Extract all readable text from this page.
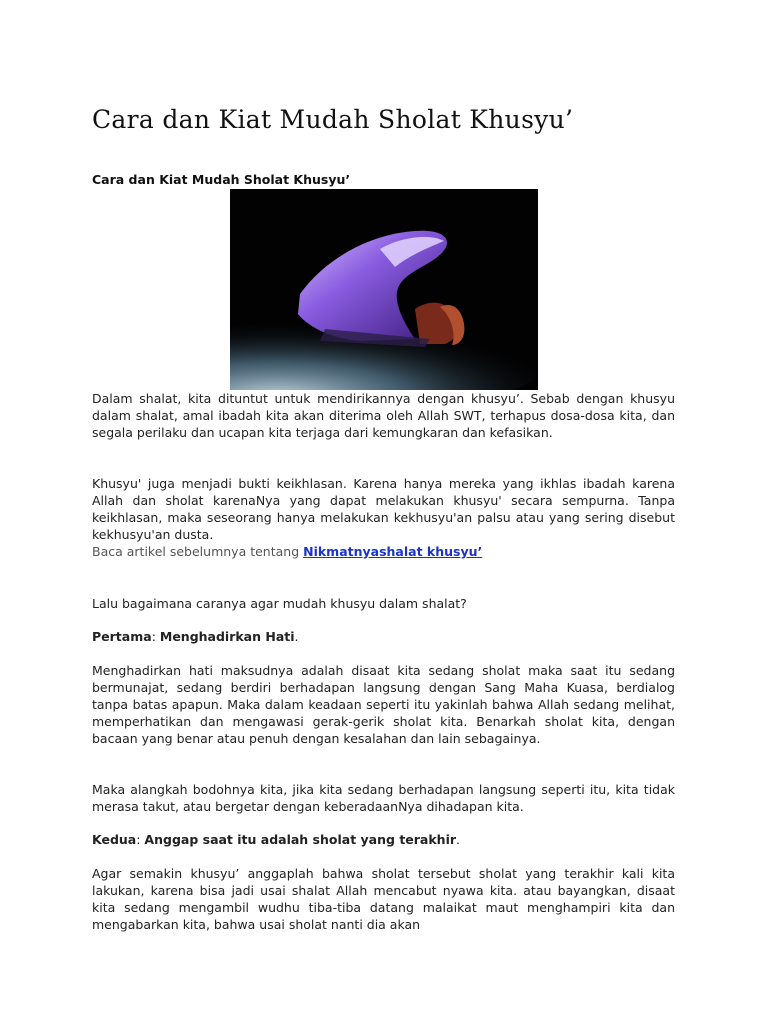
Cara dan Kiat Mudah Sholat Khusyu’
Cara dan Kiat Mudah Sholat Khusyu’

Dalam shalat, kita dituntut untuk mendirikannya dengan khusyu’. Sebab dengan khusyu dalam shalat, amal ibadah kita akan diterima oleh Allah SWT, terhapus dosa-dosa kita, dan segala perilaku dan ucapan kita terjaga dari kemungkaran dan kefasikan.

Khusyu' juga menjadi bukti keikhlasan. Karena hanya mereka yang ikhlas ibadah karena Allah dan sholat karenaNya yang dapat melakukan khusyu' secara sempurna. Tanpa keikhlasan, maka seseorang hanya melakukan kekhusyu'an palsu atau yang sering disebut kekhusyu'an dusta.

Baca artikel sebelumnya tentang Nikmatnyashalat khusyu’

Lalu bagaimana caranya agar mudah khusyu dalam shalat?

Pertama: Menghadirkan Hati.

Menghadirkan hati maksudnya adalah disaat kita sedang sholat maka saat itu sedang bermunajat, sedang berdiri berhadapan langsung dengan Sang Maha Kuasa, berdialog tanpa batas apapun. Maka dalam keadaan seperti itu yakinlah bahwa Allah sedang melihat, memperhatikan dan mengawasi gerak-gerik sholat kita. Benarkah sholat kita, dengan bacaan yang benar atau penuh dengan kesalahan dan lain sebagainya.

Maka alangkah bodohnya kita, jika kita sedang berhadapan langsung seperti itu, kita tidak merasa takut, atau bergetar dengan keberadaanNya dihadapan kita.

Kedua: Anggap saat itu adalah sholat yang terakhir.

Agar semakin khusyu’ anggaplah bahwa sholat tersebut sholat yang terakhir kali kita lakukan, karena bisa jadi usai shalat Allah mencabut nyawa kita. atau bayangkan, disaat kita sedang mengambil wudhu tiba-tiba datang malaikat maut menghampiri kita dan mengabarkan kita, bahwa usai sholat nanti dia akan
